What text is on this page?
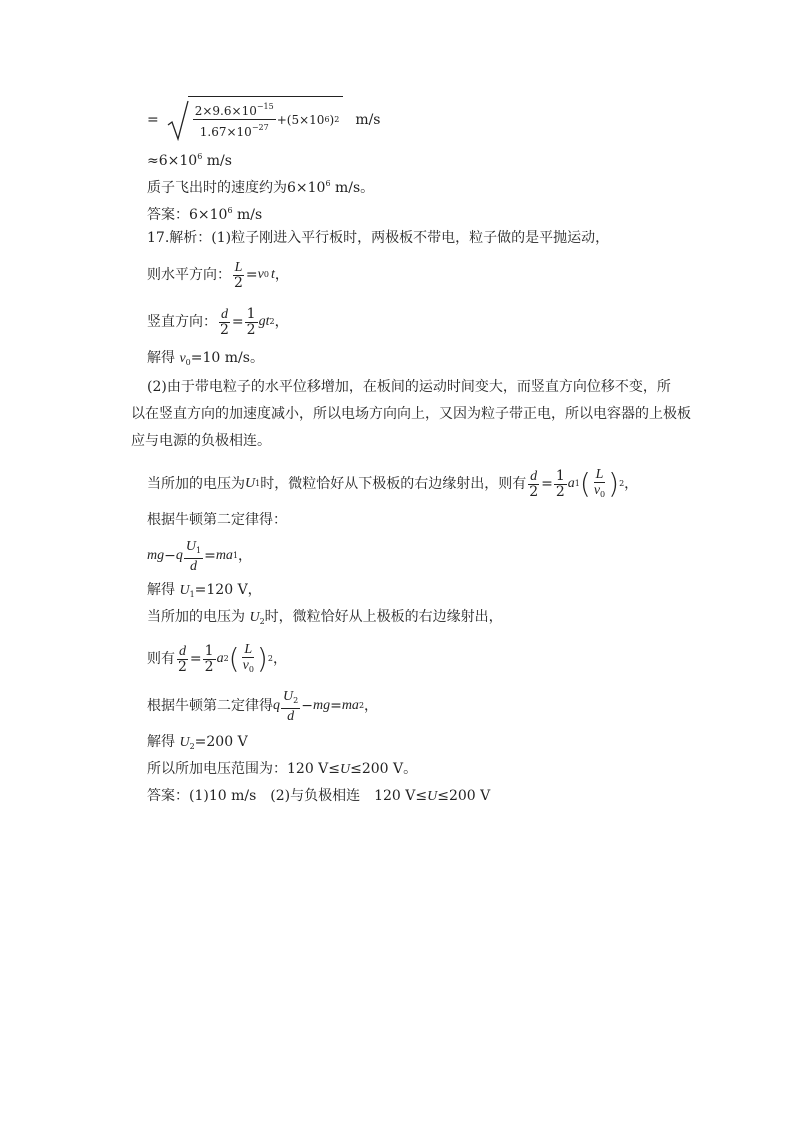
=	$\frac{2\times 9.6\times 10^{-15}}{1.67\times 10^{-27}} +(5\times 10$ 6 ) 2 m/s
$\approx 6\times 10^6$ m/s
质子飞出时的速度约为$6\times 10^6$ m/s。
答案：$6\times 10^6$ m/s
17.解析：(1)粒子刚进入平行板时，两极板不带电，粒子做的是平抛运动，
则水平方向： $\frac{L}{2} = v$ 0 t ，
竖直方向： $\frac{d}{2} = \frac{1}{2}$ gt 2 ，
解得 $v_0=10$ m/s。
(2)由于带电粒子的水平位移增加，在板间的运动时间变大，而竖直方向位移不变，所
以在竖直方向的加速度减小，所以电场方向向上，又因为粒子带正电，所以电容器的上极板
应与电源的负极相连。
当所加的电压为 U 1 时，微粒恰好从下极板的右边缘射出，则有 $\frac{d}{2} = \frac{1}{2}$ a 1 ( $\frac{L}{v_0}$ ) 2 ，
根据牛顿第二定律得：
mg − q $\frac{U_1}{d}$ = ma 1 ，
解得 $U_1=120$ V，
当所加的电压为 $U_2$时，微粒恰好从上极板的右边缘射出，
则有 $\frac{d}{2} = \frac{1}{2}$ a 2 ( $\frac{L}{v_0}$ ) 2 ，
根据牛顿第二定律得 q $\frac{U_2}{d}$ − mg = ma 2 ，
解得 $U_2=200$ V
所以所加电压范围为：120 V≤U≤200 V。
答案：(1)10 m/s　(2)与负极相连　120 V≤U≤200 V
